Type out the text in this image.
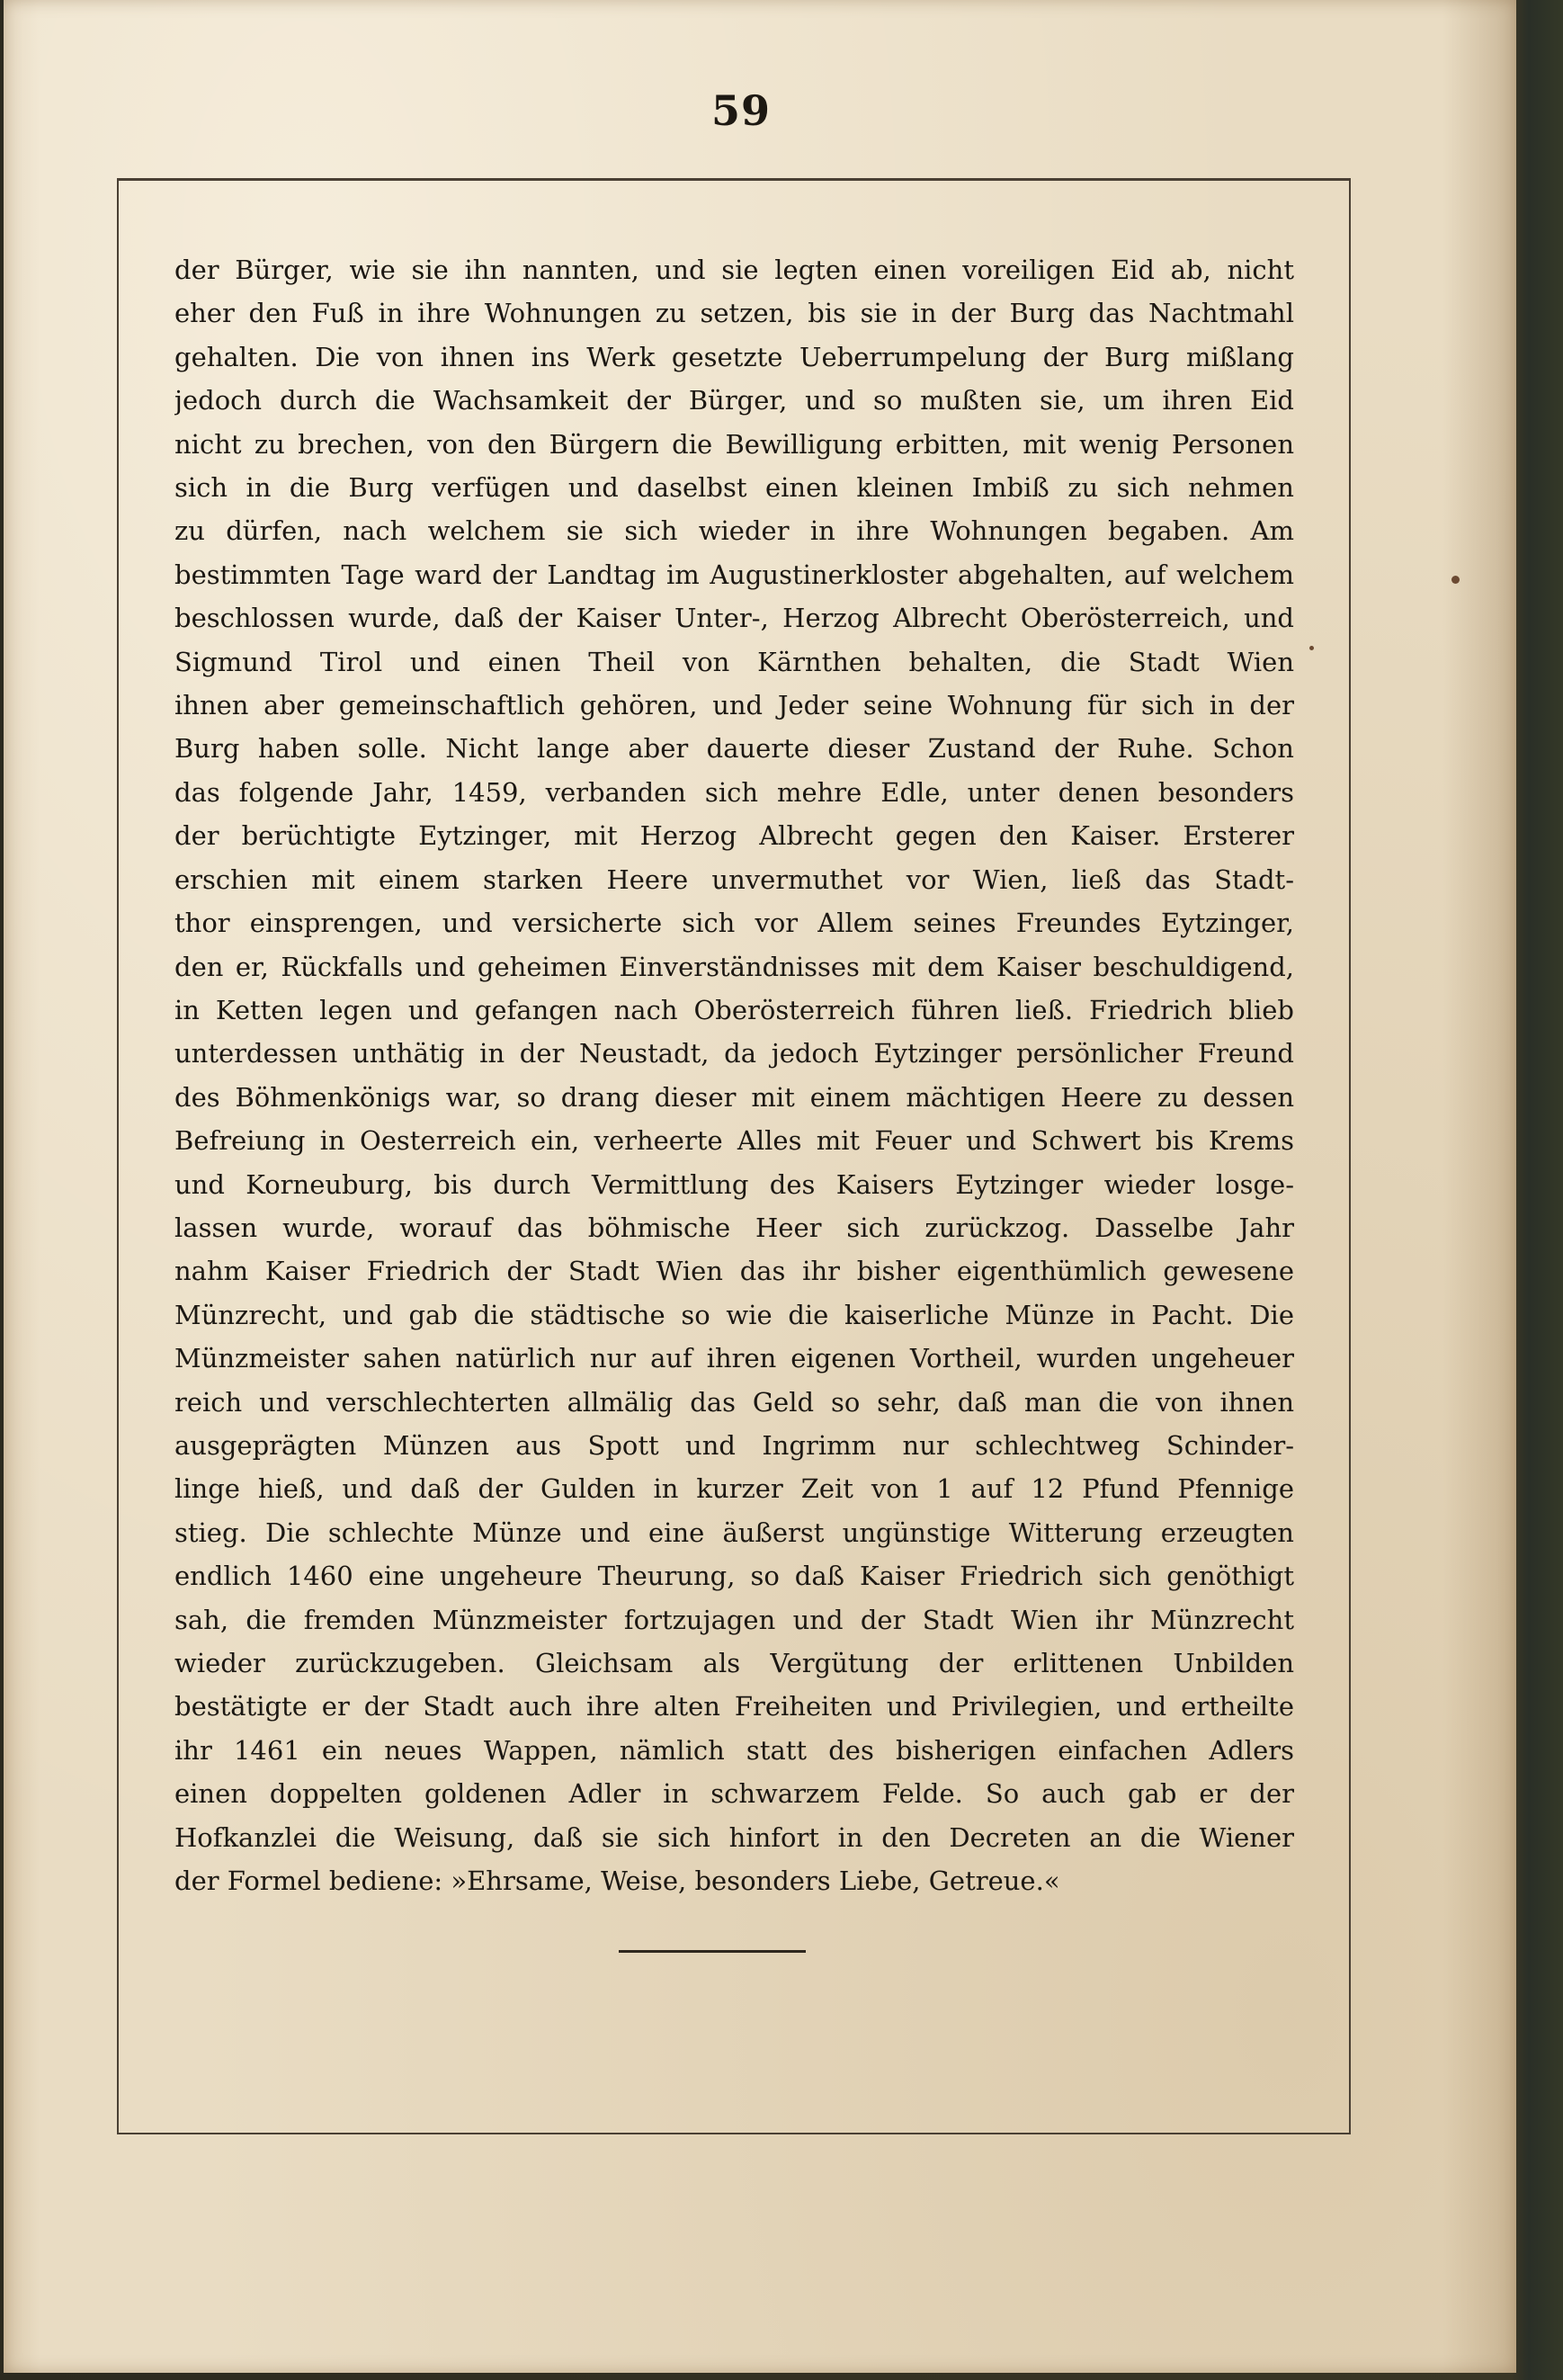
59
der Bürger, wie sie ihn nannten, und sie legten einen voreiligen Eid ab, nicht
eher den Fuß in ihre Wohnungen zu setzen, bis sie in der Burg das Nachtmahl
gehalten. Die von ihnen ins Werk gesetzte Ueberrumpelung der Burg mißlang
jedoch durch die Wachsamkeit der Bürger, und so mußten sie, um ihren Eid
nicht zu brechen, von den Bürgern die Bewilligung erbitten, mit wenig Personen
sich in die Burg verfügen und daselbst einen kleinen Imbiß zu sich nehmen
zu dürfen, nach welchem sie sich wieder in ihre Wohnungen begaben. Am
bestimmten Tage ward der Landtag im Augustinerkloster abgehalten, auf welchem
beschlossen wurde, daß der Kaiser Unter-, Herzog Albrecht Oberösterreich, und
Sigmund Tirol und einen Theil von Kärnthen behalten, die Stadt Wien
ihnen aber gemeinschaftlich gehören, und Jeder seine Wohnung für sich in der
Burg haben solle. Nicht lange aber dauerte dieser Zustand der Ruhe. Schon
das folgende Jahr, 1459, verbanden sich mehre Edle, unter denen besonders
der berüchtigte Eytzinger, mit Herzog Albrecht gegen den Kaiser. Ersterer
erschien mit einem starken Heere unvermuthet vor Wien, ließ das Stadt-
thor einsprengen, und versicherte sich vor Allem seines Freundes Eytzinger,
den er, Rückfalls und geheimen Einverständnisses mit dem Kaiser beschuldigend,
in Ketten legen und gefangen nach Oberösterreich führen ließ. Friedrich blieb
unterdessen unthätig in der Neustadt, da jedoch Eytzinger persönlicher Freund
des Böhmenkönigs war, so drang dieser mit einem mächtigen Heere zu dessen
Befreiung in Oesterreich ein, verheerte Alles mit Feuer und Schwert bis Krems
und Korneuburg, bis durch Vermittlung des Kaisers Eytzinger wieder losge-
lassen wurde, worauf das böhmische Heer sich zurückzog. Dasselbe Jahr
nahm Kaiser Friedrich der Stadt Wien das ihr bisher eigenthümlich gewesene
Münzrecht, und gab die städtische so wie die kaiserliche Münze in Pacht. Die
Münzmeister sahen natürlich nur auf ihren eigenen Vortheil, wurden ungeheuer
reich und verschlechterten allmälig das Geld so sehr, daß man die von ihnen
ausgeprägten Münzen aus Spott und Ingrimm nur schlechtweg Schinder-
linge hieß, und daß der Gulden in kurzer Zeit von 1 auf 12 Pfund Pfennige
stieg. Die schlechte Münze und eine äußerst ungünstige Witterung erzeugten
endlich 1460 eine ungeheure Theurung, so daß Kaiser Friedrich sich genöthigt
sah, die fremden Münzmeister fortzujagen und der Stadt Wien ihr Münzrecht
wieder zurückzugeben. Gleichsam als Vergütung der erlittenen Unbilden
bestätigte er der Stadt auch ihre alten Freiheiten und Privilegien, und ertheilte
ihr 1461 ein neues Wappen, nämlich statt des bisherigen einfachen Adlers
einen doppelten goldenen Adler in schwarzem Felde. So auch gab er der
Hofkanzlei die Weisung, daß sie sich hinfort in den Decreten an die Wiener
der Formel bediene: »Ehrsame, Weise, besonders Liebe, Getreue.«
